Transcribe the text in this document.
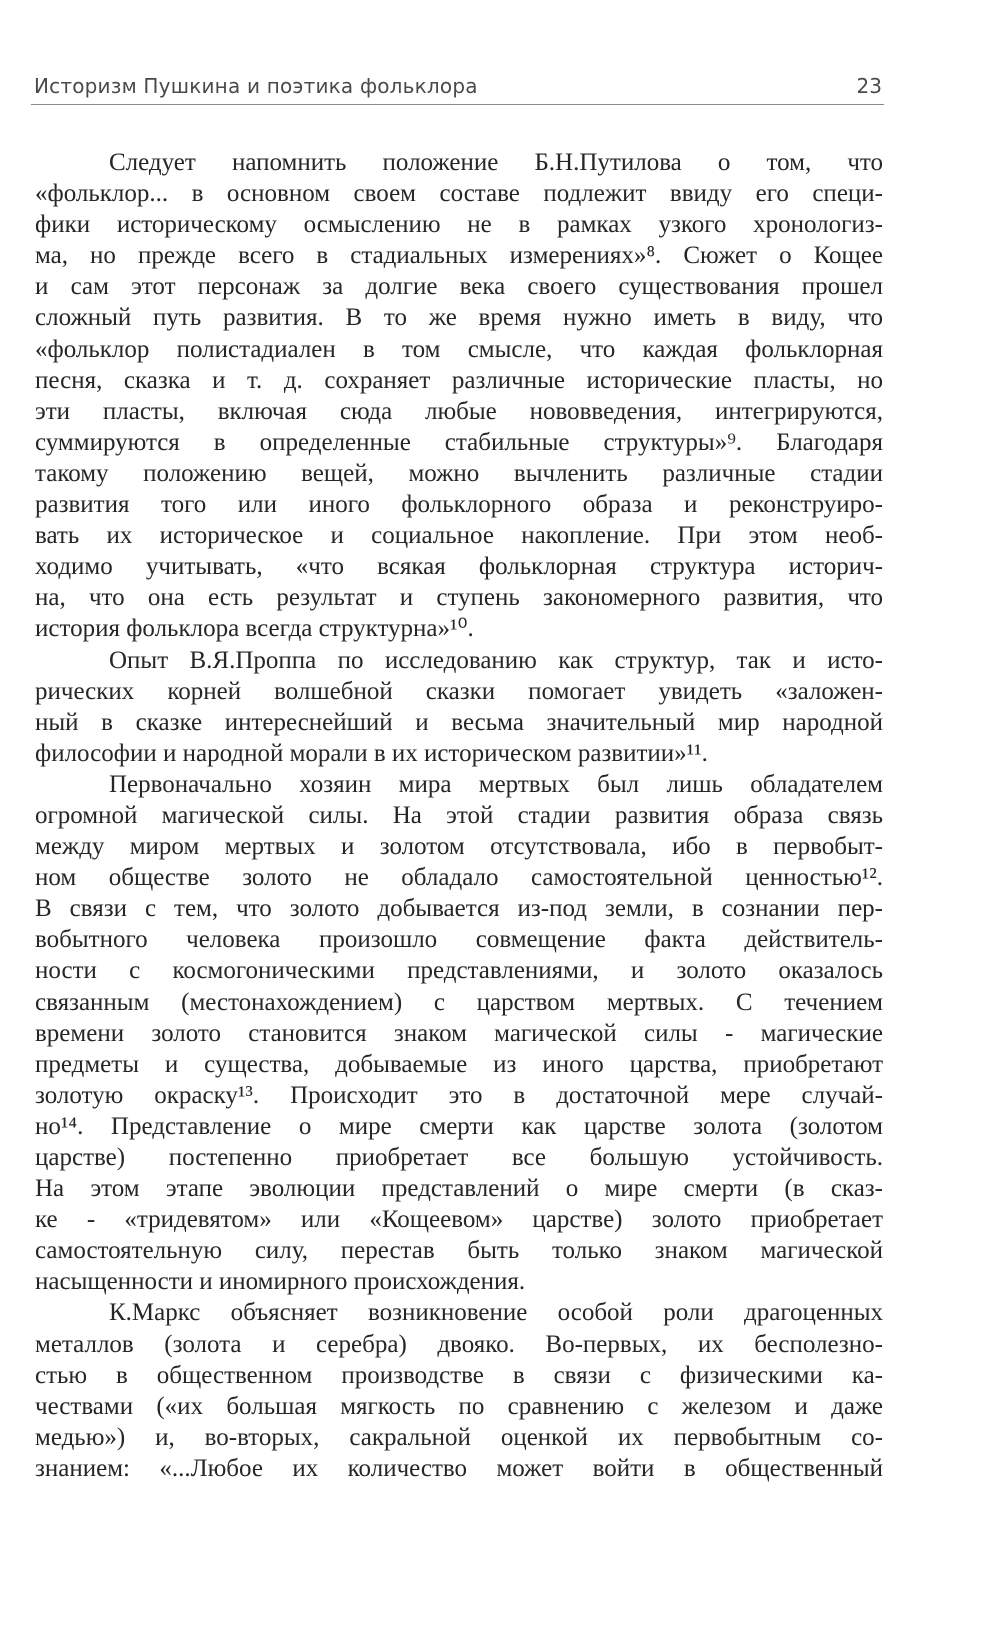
Историзм Пушкина и поэтика фольклора	23
Следует напомнить положение Б.Н.Путилова о том, что
«фольклор... в основном своем составе подлежит ввиду его специ-
фики историческому осмыслению не в рамках узкого хронологиз-
ма, но прежде всего в стадиальных измерениях»⁸. Сюжет о Кощее
и сам этот персонаж за долгие века своего существования прошел
сложный путь развития. В то же время нужно иметь в виду, что
«фольклор полистадиален в том смысле, что каждая фольклорная
песня, сказка и т. д. сохраняет различные исторические пласты, но
эти пласты, включая сюда любые нововведения, интегрируются,
суммируются в определенные стабильные структуры»⁹. Благодаря
такому положению вещей, можно вычленить различные стадии
развития того или иного фольклорного образа и реконструиро-
вать их историческое и социальное накопление. При этом необ-
ходимо учитывать, «что всякая фольклорная структура историч-
на, что она есть результат и ступень закономерного развития, что
история фольклора всегда структурна»¹⁰.
Опыт В.Я.Проппа по исследованию как структур, так и исто-
рических корней волшебной сказки помогает увидеть «заложен-
ный в сказке интереснейший и весьма значительный мир народной
философии и народной морали в их историческом развитии»¹¹.
Первоначально хозяин мира мертвых был лишь обладателем
огромной магической силы. На этой стадии развития образа связь
между миром мертвых и золотом отсутствовала, ибо в первобыт-
ном обществе золото не обладало самостоятельной ценностью¹².
В связи с тем, что золото добывается из-под земли, в сознании пер-
вобытного человека произошло совмещение факта действитель-
ности с космогоническими представлениями, и золото оказалось
связанным (местонахождением) с царством мертвых. С течением
времени золото становится знаком магической силы - магические
предметы и существа, добываемые из иного царства, приобретают
золотую окраску¹³. Происходит это в достаточной мере случай-
но¹⁴. Представление о мире смерти как царстве золота (золотом
царстве) постепенно приобретает все большую устойчивость.
На этом этапе эволюции представлений о мире смерти (в сказ-
ке - «тридевятом» или «Кощеевом» царстве) золото приобретает
самостоятельную силу, перестав быть только знаком магической
насыщенности и иномирного происхождения.
К.Маркс объясняет возникновение особой роли драгоценных
металлов (золота и серебра) двояко. Во-первых, их бесполезно-
стью в общественном производстве в связи с физическими ка-
чествами («их большая мягкость по сравнению с железом и даже
медью») и, во-вторых, сакральной оценкой их первобытным со-
знанием: «...Любое их количество может войти в общественный
